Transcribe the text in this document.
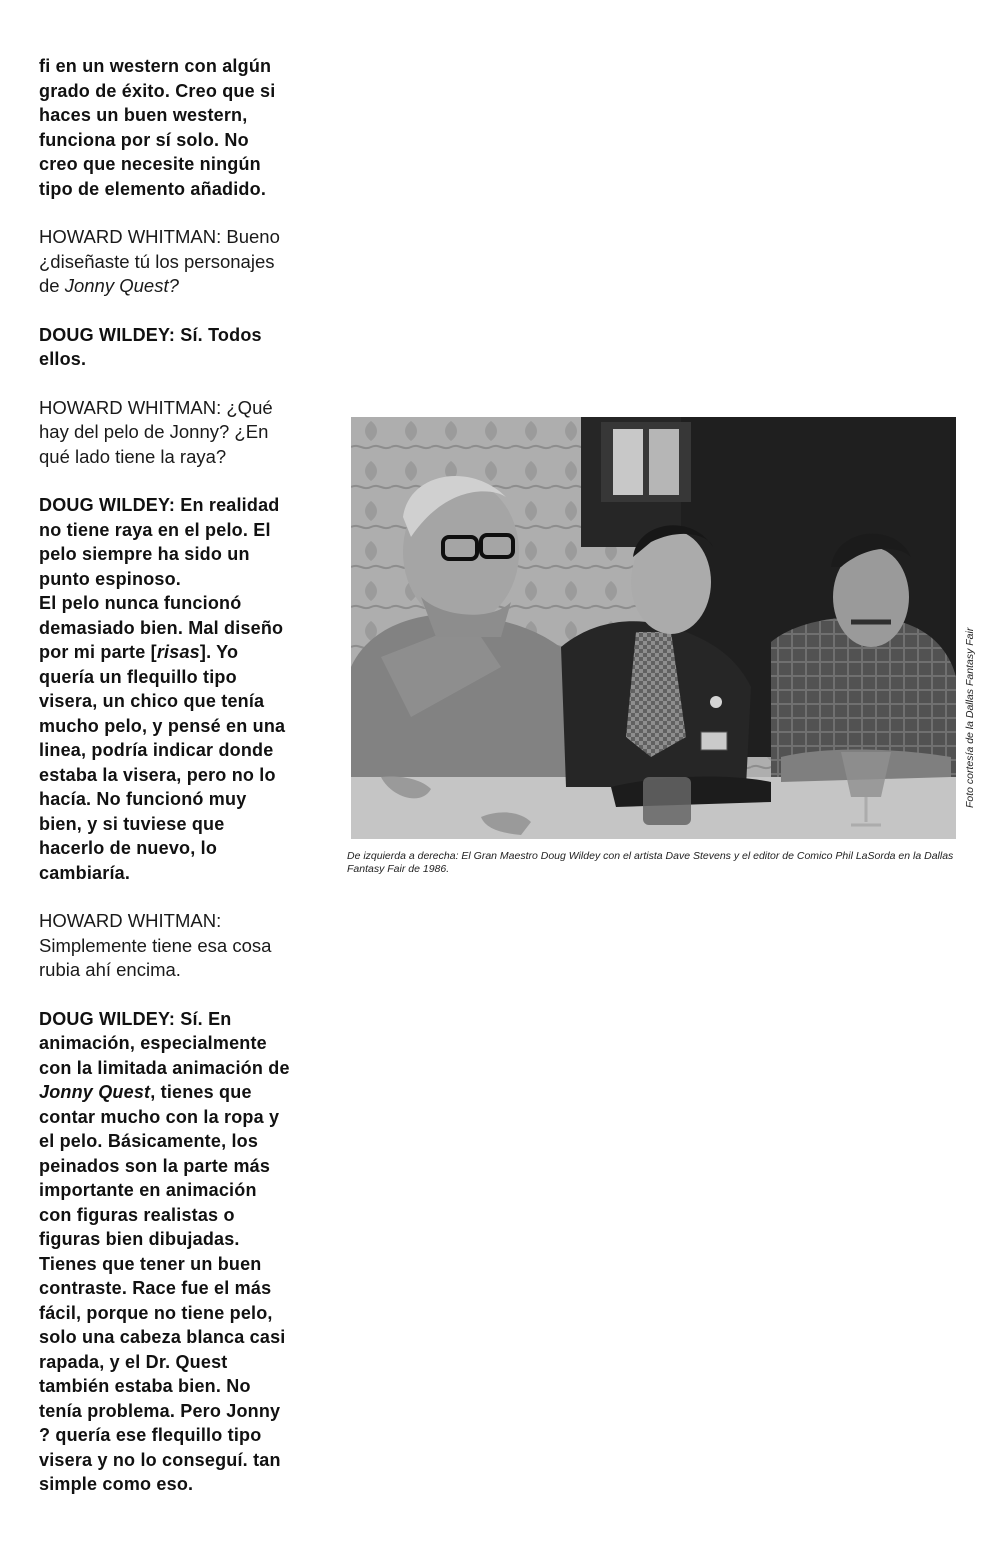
fi en un western con algún
grado de éxito. Creo que si
haces un buen western,
funciona por sí solo. No
creo que necesite ningún
tipo de elemento añadido.

HOWARD WHITMAN: Bueno
¿diseñaste tú los personajes
de Jonny Quest?

DOUG WILDEY: Sí. Todos
ellos.

HOWARD WHITMAN: ¿Qué
hay del pelo de Jonny? ¿En
qué lado tiene la raya?

DOUG WILDEY: En realidad
no tiene raya en el pelo. El
pelo siempre ha sido un
punto espinoso.
El pelo nunca funcionó
demasiado bien. Mal diseño
por mi parte [risas]. Yo
quería un flequillo tipo
visera, un chico que tenía
mucho pelo, y pensé en una
linea, podría indicar donde
estaba la visera, pero no lo
hacía. No funcionó muy
bien, y si tuviese que
hacerlo de nuevo, lo
cambiaría.

HOWARD WHITMAN:
Simplemente tiene esa cosa
rubia ahí encima.

DOUG WILDEY: Sí. En
animación, especialmente
con la limitada animación de
Jonny Quest, tienes que
contar mucho con la ropa y
el pelo. Básicamente, los
peinados son la parte más
importante en animación
con figuras realistas o
figuras bien dibujadas.
Tienes que tener un buen
contraste. Race fue el más
fácil, porque no tiene pelo,
solo una cabeza blanca casi
rapada, y el Dr. Quest
también estaba bien. No
tenía problema. Pero Jonny
? quería ese flequillo tipo
visera y no lo conseguí. tan
simple como eso.

De izquierda a derecha: El Gran Maestro Doug Wildey con el artista Dave Stevens y el editor de Comico Phil LaSorda en la Dallas Fantasy Fair de 1986.
Foto cortesía de la Dallas Fantasy Fair
